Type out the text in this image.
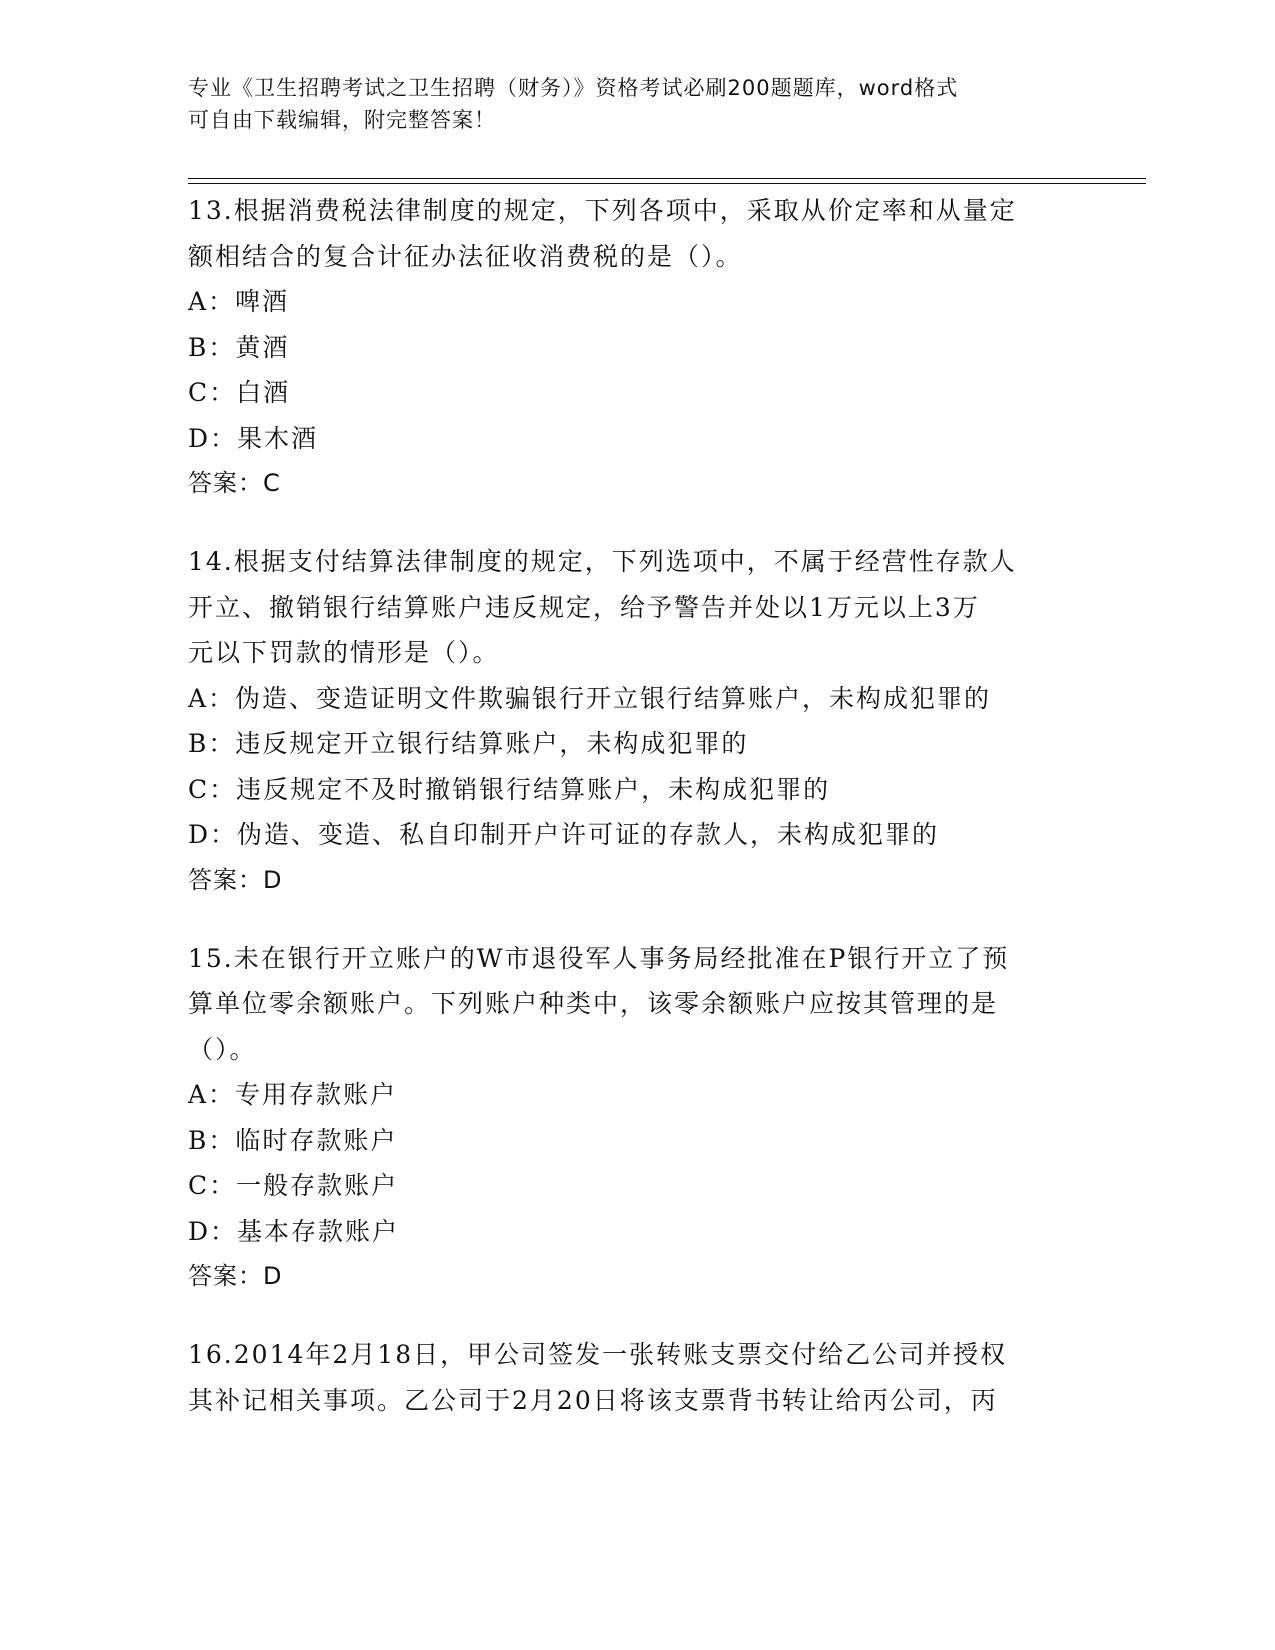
专业《卫生招聘考试之卫生招聘（财务）》资格考试必刷200题题库，word格式
可自由下载编辑，附完整答案！

13.根据消费税法律制度的规定，下列各项中，采取从价定率和从量定
额相结合的复合计征办法征收消费税的是（）。

A：啤酒

B：黄酒

C：白酒

D：果木酒

答案：C

14.根据支付结算法律制度的规定，下列选项中，不属于经营性存款人
开立、撤销银行结算账户违反规定，给予警告并处以1万元以上3万
元以下罚款的情形是（）。

A：伪造、变造证明文件欺骗银行开立银行结算账户，未构成犯罪的

B：违反规定开立银行结算账户，未构成犯罪的

C：违反规定不及时撤销银行结算账户，未构成犯罪的

D：伪造、变造、私自印制开户许可证的存款人，未构成犯罪的

答案：D

15.未在银行开立账户的W市退役军人事务局经批准在P银行开立了预
算单位零余额账户。下列账户种类中，该零余额账户应按其管理的是
（）。

A：专用存款账户

B：临时存款账户

C：一般存款账户

D：基本存款账户

答案：D

16.2014年2月18日，甲公司签发一张转账支票交付给乙公司并授权
其补记相关事项。乙公司于2月20日将该支票背书转让给丙公司，丙
